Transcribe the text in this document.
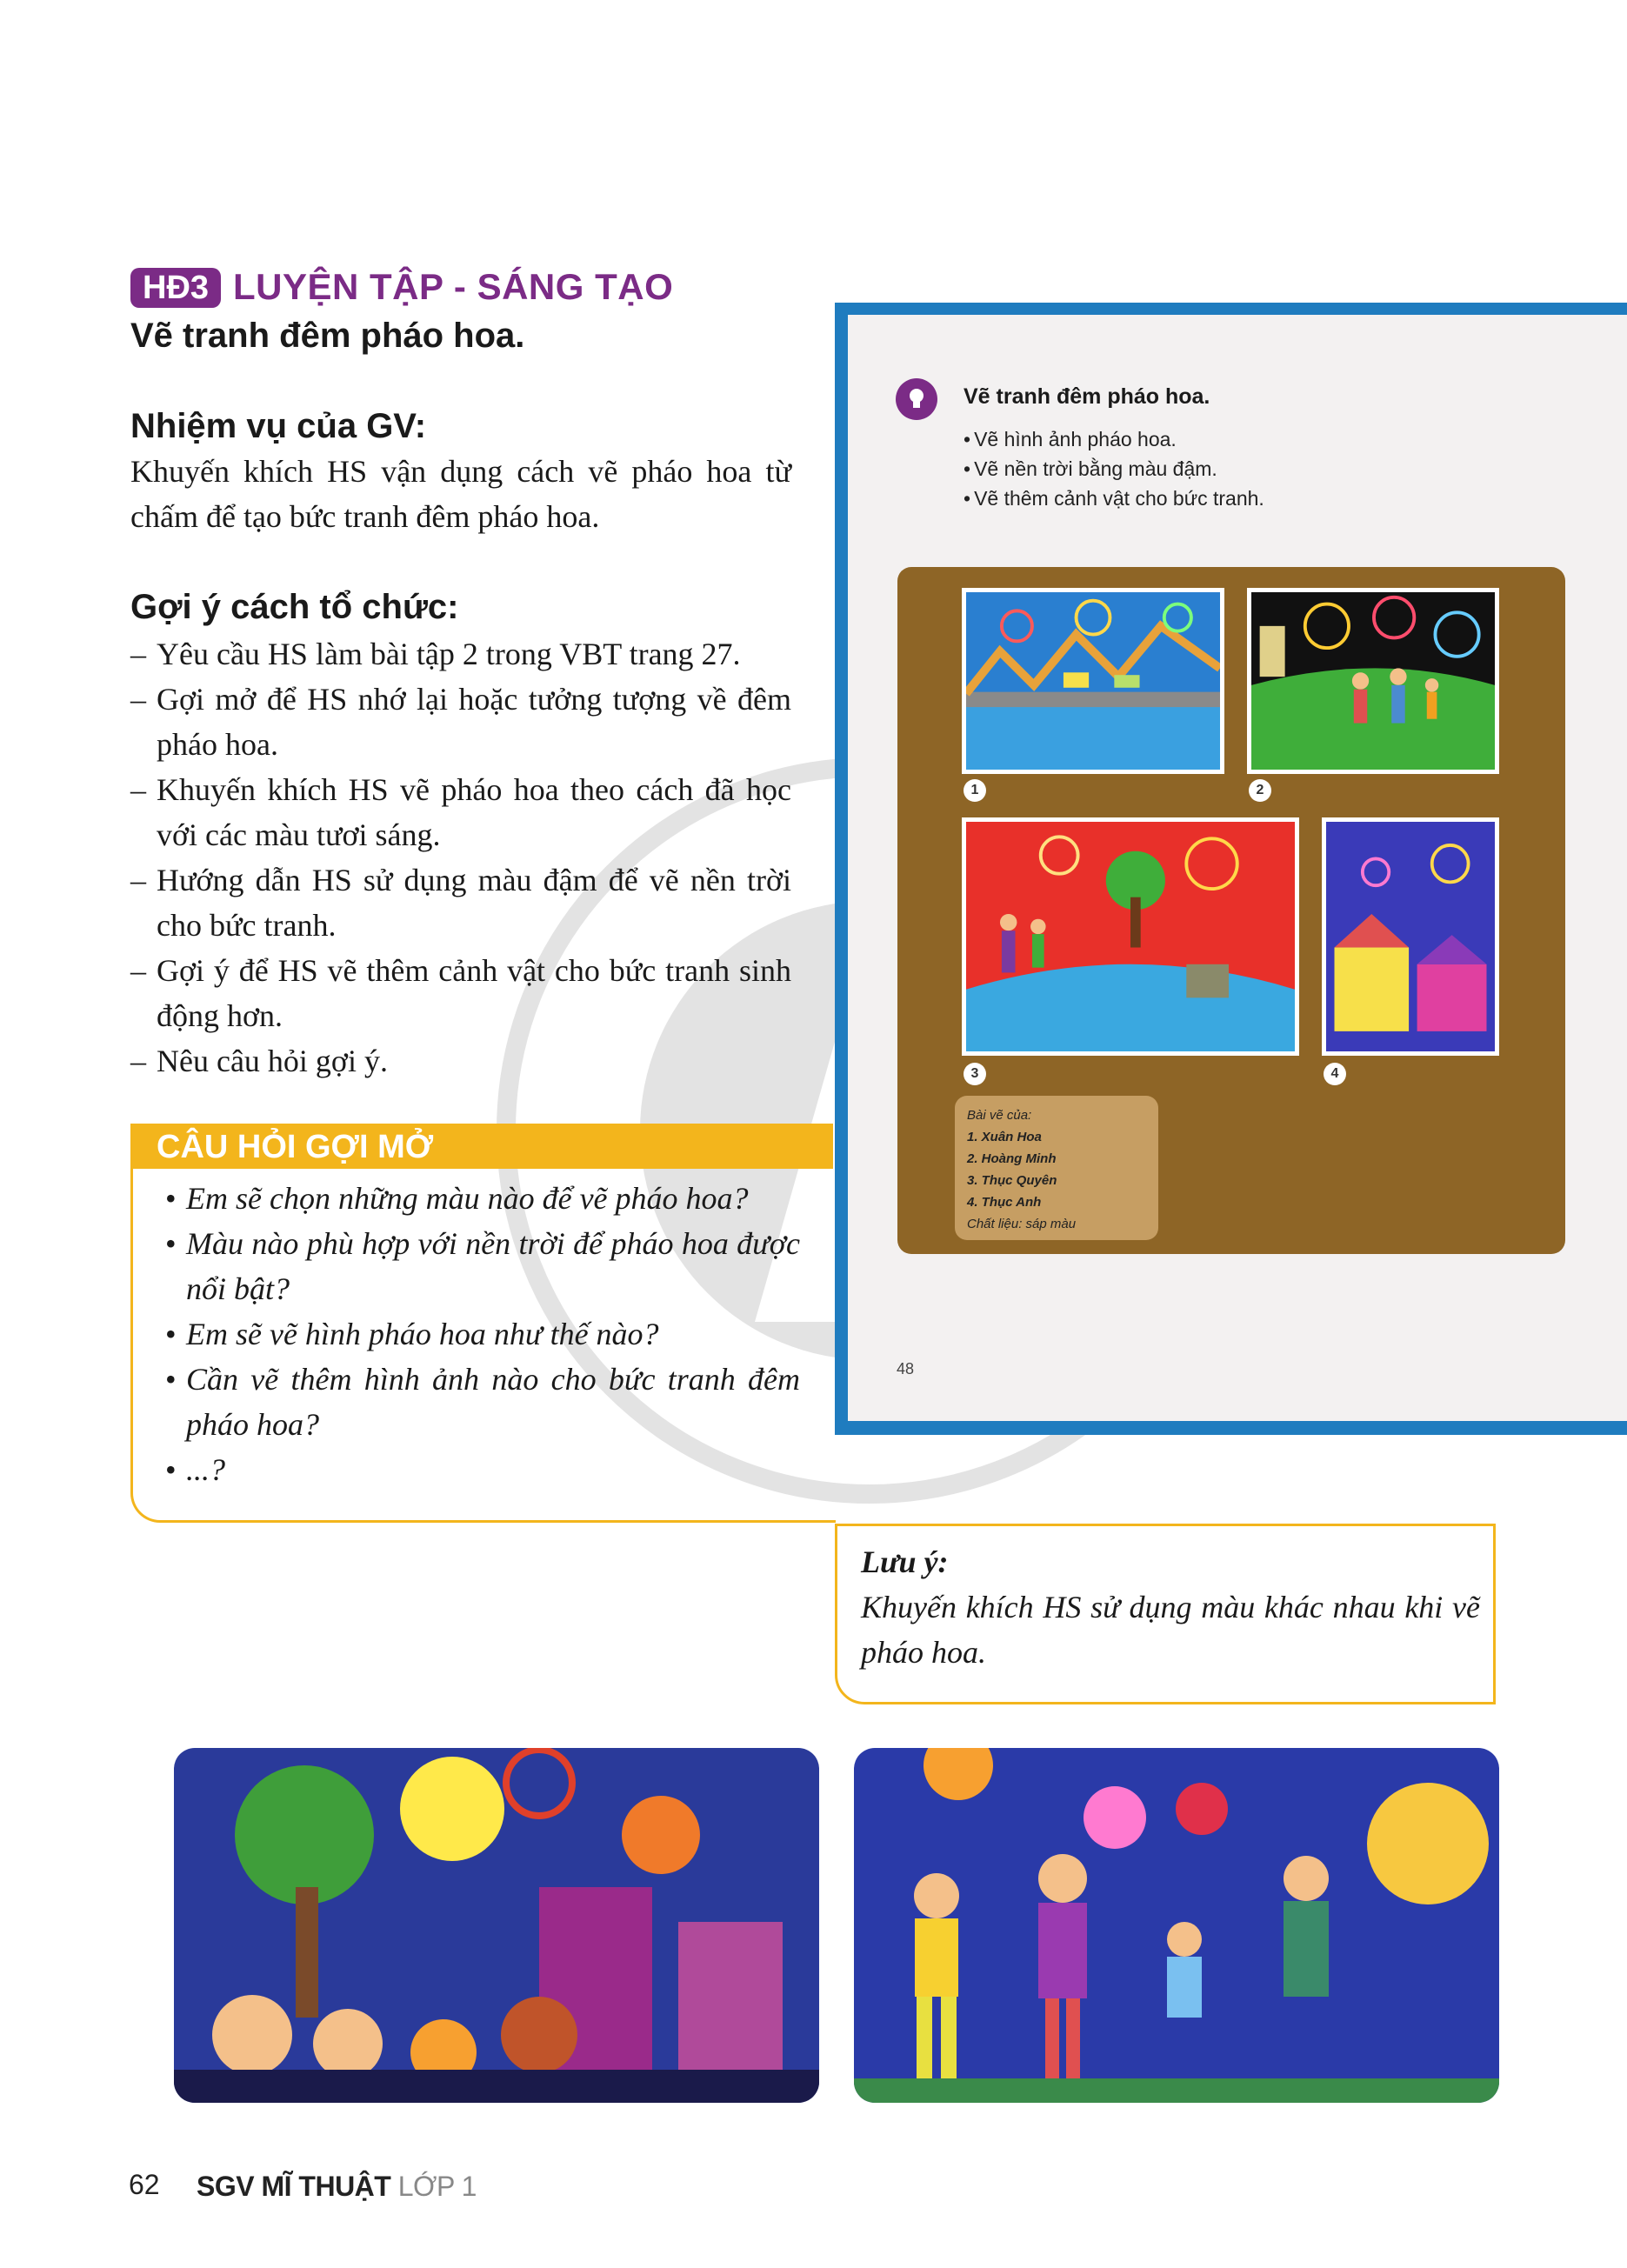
HĐ3 LUYỆN TẬP - SÁNG TẠO
Vẽ tranh đêm pháo hoa.
Nhiệm vụ của GV:

Khuyến khích HS vận dụng cách vẽ pháo hoa từ chấm để tạo bức tranh đêm pháo hoa.

Gợi ý cách tổ chức:
– Yêu cầu HS làm bài tập 2 trong VBT trang 27.
– Gợi mở để HS nhớ lại hoặc tưởng tượng về đêm pháo hoa.
– Khuyến khích HS vẽ pháo hoa theo cách đã học với các màu tươi sáng.
– Hướng dẫn HS sử dụng màu đậm để vẽ nền trời cho bức tranh.
– Gợi ý để HS vẽ thêm cảnh vật cho bức tranh sinh động hơn.
– Nêu câu hỏi gợi ý.
CÂU HỎI GỢI MỞ
• Em sẽ chọn những màu nào để vẽ pháo hoa?
• Màu nào phù hợp với nền trời để pháo hoa được nổi bật?
• Em sẽ vẽ hình pháo hoa như thế nào?
• Cần vẽ thêm hình ảnh nào cho bức tranh đêm pháo hoa?
• ...?
Vẽ tranh đêm pháo hoa.
• Vẽ hình ảnh pháo hoa.
• Vẽ nền trời bằng màu đậm.
• Vẽ thêm cảnh vật cho bức tranh.
1	2
3	4
Bài vẽ của:
1. Xuân Hoa
2. Hoàng Minh
3. Thục Quyên
4. Thục Anh
Chất liệu: sáp màu
48
Lưu ý:
Khuyến khích HS sử dụng màu khác nhau khi vẽ pháo hoa.
62 SGV MĨ THUẬT LỚP 1
